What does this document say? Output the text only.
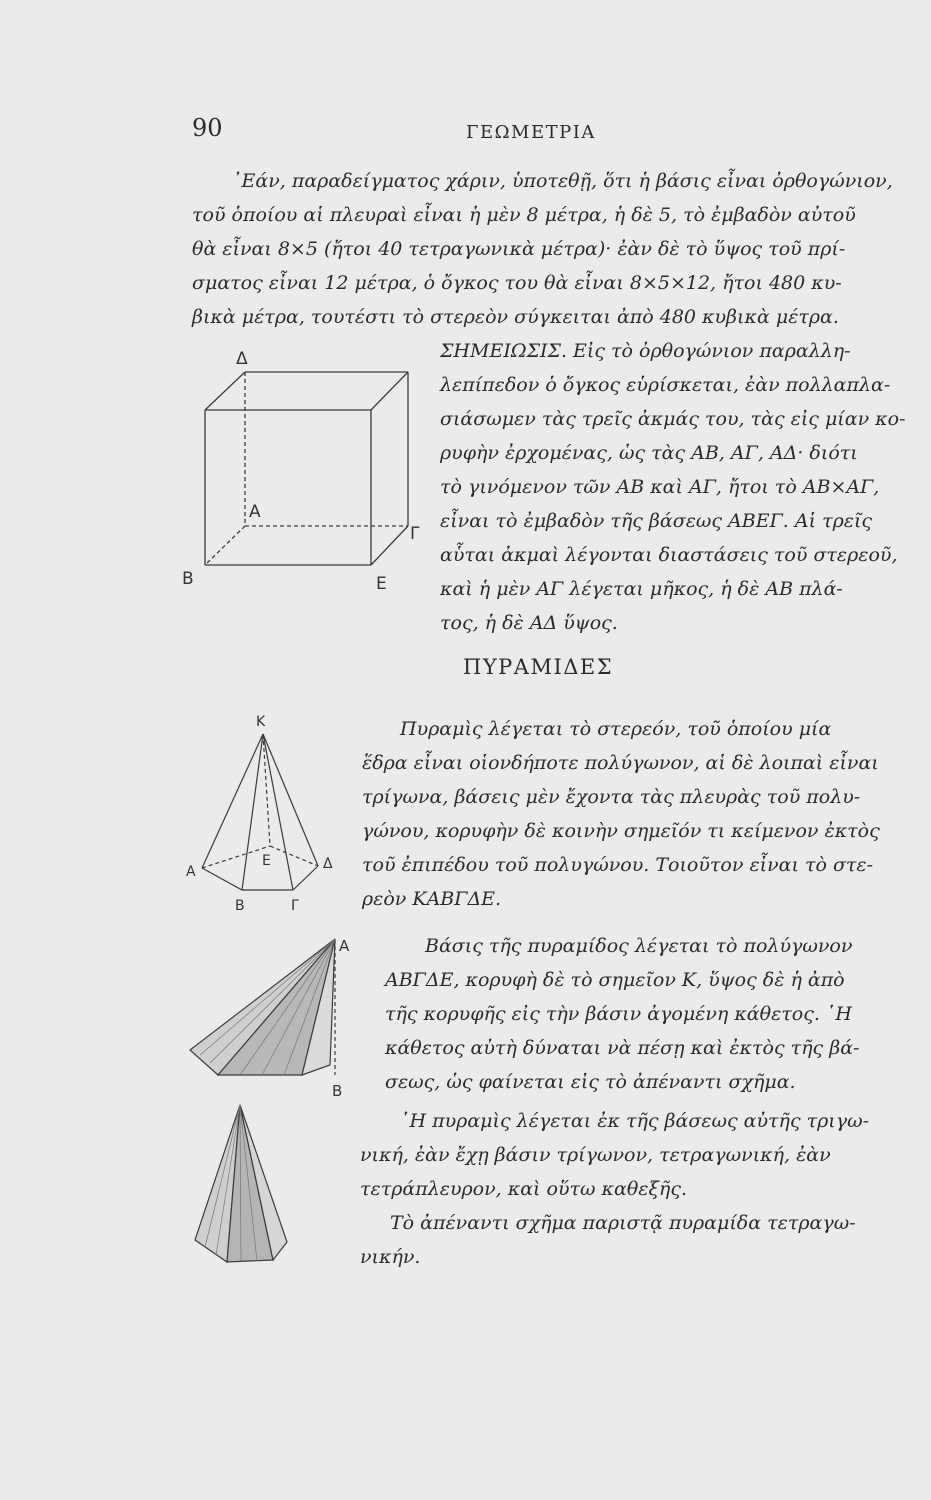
90	ΓΕΩΜΕΤΡΙΑ
᾿Εάν, παραδείγματος χάριν, ὑποτεθῇ, ὅτι ἡ βάσις εἶναι ὀρθογώνιον,
τοῦ ὁποίου αἱ πλευραὶ εἶναι ἡ μὲν 8 μέτρα, ἡ δὲ 5, τὸ ἐμβαδὸν αὐτοῦ
θὰ εἶναι 8×5 (ἤτοι 40 τετραγωνικὰ μέτρα)· ἐὰν δὲ τὸ ὕψος τοῦ πρί-
σματος εἶναι 12 μέτρα, ὁ ὄγκος του θὰ εἶναι 8×5×12, ἤτοι 480 κυ-
βικὰ μέτρα, τουτέστι τὸ στερεὸν σύγκειται ἀπὸ 480 κυβικὰ μέτρα.
ΣΗΜΕΙΩΣΙΣ. Εἰς τὸ ὀρθογώνιον παραλλη-
λεπίπεδον ὁ ὄγκος εὑρίσκεται, ἐὰν πολλαπλα-
σιάσωμεν τὰς τρεῖς ἀκμάς του, τὰς εἰς μίαν κο-
ρυφὴν ἐρχομένας, ὡς τὰς ΑΒ, ΑΓ, ΑΔ· διότι
τὸ γινόμενον τῶν ΑΒ καὶ ΑΓ, ἤτοι τὸ ΑΒ×ΑΓ,
εἶναι τὸ ἐμβαδὸν τῆς βάσεως ΑΒΕΓ. Αἱ τρεῖς
αὗται ἀκμαὶ λέγονται διαστάσεις τοῦ στερεοῦ,
καὶ ἡ μὲν ΑΓ λέγεται μῆκος, ἡ δὲ ΑΒ πλά-
τος, ἡ δὲ ΑΔ ὕψος.
Δ
Α
Γ
Β	Ε
ΠΥΡΑΜΙΔΕΣ
Πυραμὶς λέγεται τὸ στερεόν, τοῦ ὁποίου μία
ἕδρα εἶναι οἱονδήποτε πολύγωνον, αἱ δὲ λοιπαὶ εἶναι
τρίγωνα, βάσεις μὲν ἔχοντα τὰς πλευρὰς τοῦ πολυ-
γώνου, κορυφὴν δὲ κοινὴν σημεῖόν τι κείμενον ἐκτὸς
τοῦ ἐπιπέδου τοῦ πολυγώνου. Τοιοῦτον εἶναι τὸ στε-
ρεὸν ΚΑΒΓΔΕ.
Κ
Α
Ε	Δ
Β	Γ
Βάσις τῆς πυραμίδος λέγεται τὸ πολύγωνον
ΑΒΓΔΕ, κορυφὴ δὲ τὸ σημεῖον Κ, ὕψος δὲ ἡ ἀπὸ
τῆς κορυφῆς εἰς τὴν βάσιν ἀγομένη κάθετος. ῾Η
κάθετος αὐτὴ δύναται νὰ πέσῃ καὶ ἐκτὸς τῆς βά-
σεως, ὡς φαίνεται εἰς τὸ ἀπέναντι σχῆμα.
Α
Β
῾Η πυραμὶς λέγεται ἐκ τῆς βάσεως αὐτῆς τριγω-
νική, ἐὰν ἔχῃ βάσιν τρίγωνον, τετραγωνική, ἐὰν
τετράπλευρον, καὶ οὕτω καθεξῆς.
Τὸ ἀπέναντι σχῆμα παριστᾷ πυραμίδα τετραγω-
νικήν.
